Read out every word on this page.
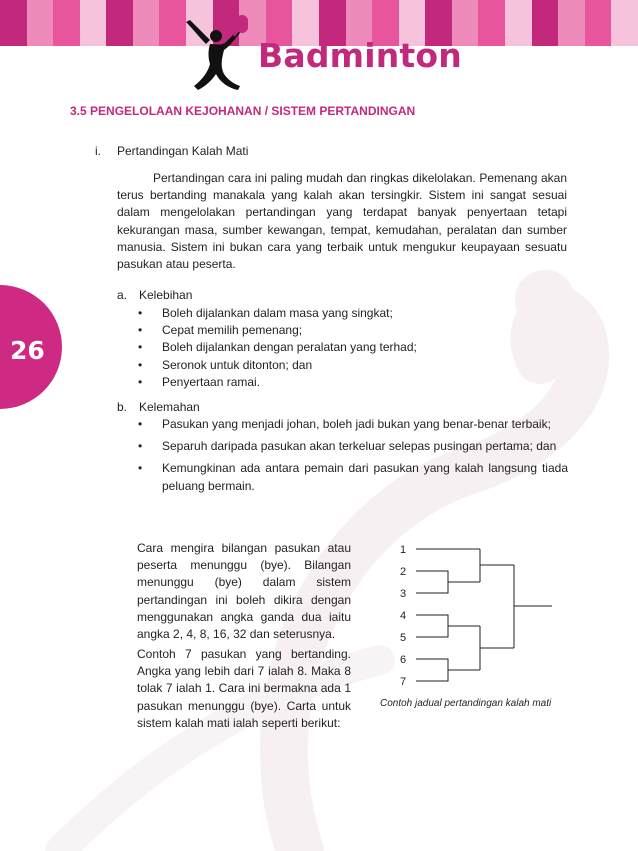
Badminton
26
3.5 PENGELOLAAN KEJOHANAN / SISTEM PERTANDINGAN
i. Pertandingan Kalah Mati

Pertandingan cara ini paling mudah dan ringkas dikelolakan. Pemenang akan terus bertanding manakala yang kalah akan tersingkir. Sistem ini sangat sesuai dalam mengelolakan pertandingan yang terdapat banyak penyertaan tetapi kekurangan masa, sumber kewangan, tempat, kemudahan, peralatan dan sumber manusia. Sistem ini bukan cara yang terbaik untuk mengukur keupayaan sesuatu pasukan atau peserta.

a. Kelebihan
• Boleh dijalankan dalam masa yang singkat;
• Cepat memilih pemenang;
• Boleh dijalankan dengan peralatan yang terhad;
• Seronok untuk ditonton; dan
• Penyertaan ramai.
b. Kelemahan
• Pasukan yang menjadi johan, boleh jadi bukan yang benar-benar terbaik;
• Separuh daripada pasukan akan terkeluar selepas pusingan pertama; dan
• Kemungkinan ada antara pemain dari pasukan yang kalah langsung tiada peluang bermain.

Cara mengira bilangan pasukan atau peserta menunggu (bye). Bilangan menunggu (bye) dalam sistem pertandingan ini boleh dikira dengan menggunakan angka ganda dua iaitu angka 2, 4, 8, 16, 32 dan seterusnya.

Contoh 7 pasukan yang bertanding. Angka yang lebih dari 7 ialah 8. Maka 8 tolak 7 ialah 1. Cara ini bermakna ada 1 pasukan menunggu (bye). Carta untuk sistem kalah mati ialah seperti berikut:

1
2
3
4
5
6
7
Contoh jadual pertandingan kalah mati
